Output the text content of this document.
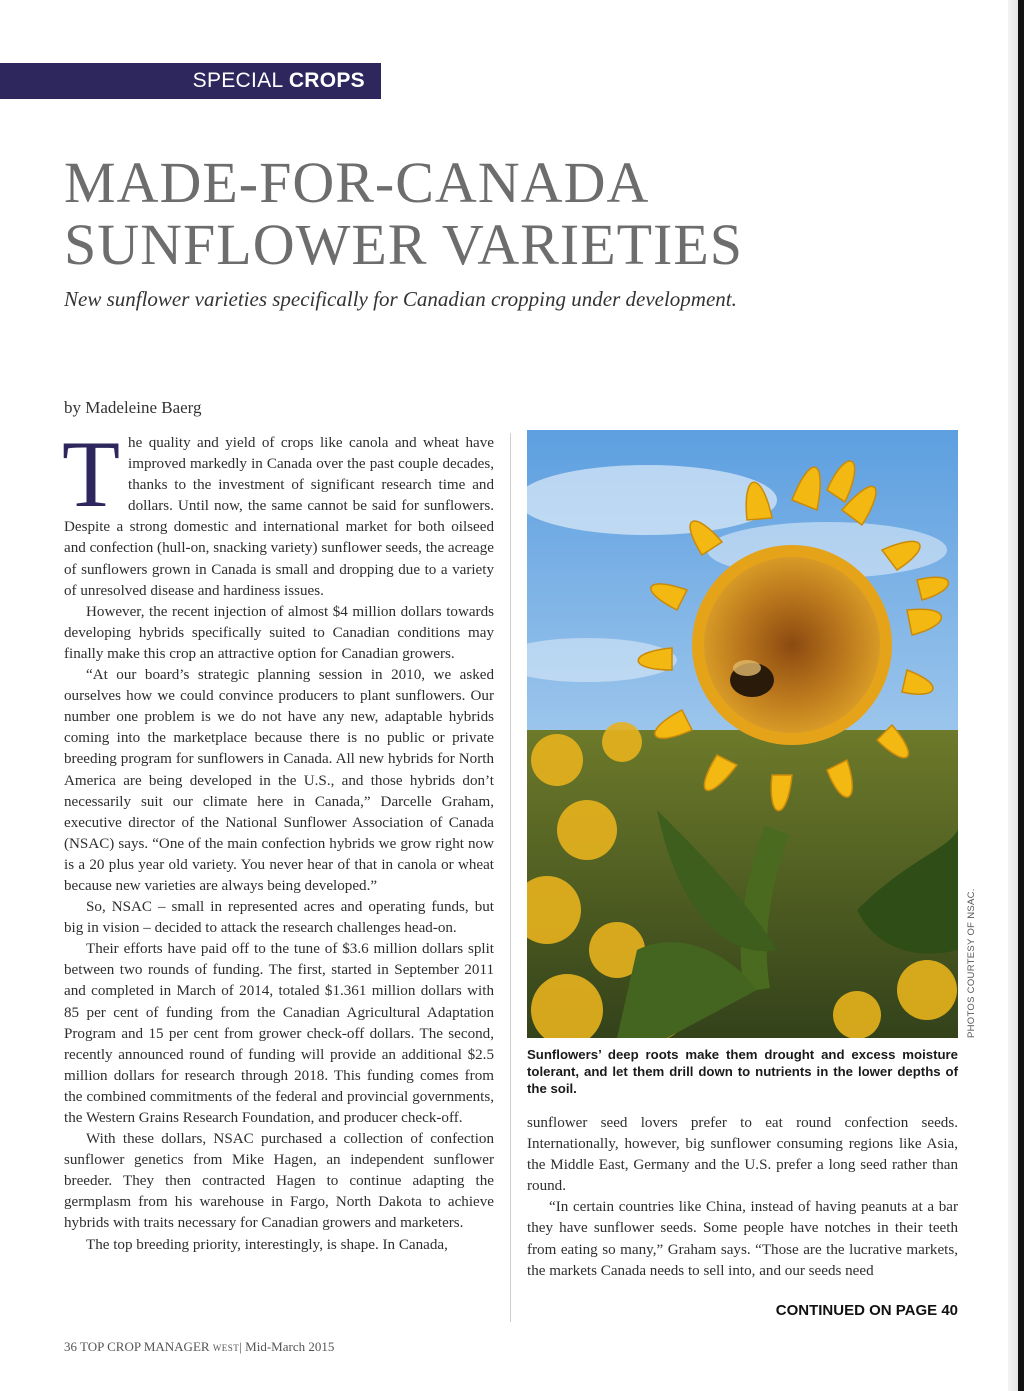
SPECIAL CROPS
MADE-FOR-CANADA
SUNFLOWER VARIETIES
New sunflower varieties specifically for Canadian cropping under development.
by Madeleine Baerg

The quality and yield of crops like canola and wheat have improved markedly in Canada over the past couple decades, thanks to the investment of significant research time and dollars. Until now, the same cannot be said for sunflowers. Despite a strong domestic and international market for both oilseed and confection (hull-on, snacking variety) sunflower seeds, the acreage of sunflowers grown in Canada is small and dropping due to a variety of unresolved disease and hardiness issues.

However, the recent injection of almost $4 million dollars towards developing hybrids specifically suited to Canadian conditions may finally make this crop an attractive option for Canadian growers.

“At our board’s strategic planning session in 2010, we asked ourselves how we could convince producers to plant sunflowers. Our number one problem is we do not have any new, adaptable hybrids coming into the marketplace because there is no public or private breeding program for sunflowers in Canada. All new hybrids for North America are being developed in the U.S., and those hybrids don’t necessarily suit our climate here in Canada,” Darcelle Graham, executive director of the National Sunflower Association of Canada (NSAC) says. “One of the main confection hybrids we grow right now is a 20 plus year old variety. You never hear of that in canola or wheat because new varieties are always being developed.”

So, NSAC – small in represented acres and operating funds, but big in vision – decided to attack the research challenges head-on.

Their efforts have paid off to the tune of $3.6 million dollars split between two rounds of funding. The first, started in September 2011 and completed in March of 2014, totaled $1.361 million dollars with 85 per cent of funding from the Canadian Agricultural Adaptation Program and 15 per cent from grower check-off dollars. The second, recently announced round of funding will provide an additional $2.5 million dollars for research through 2018. This funding comes from the combined commitments of the federal and provincial governments, the Western Grains Research Foundation, and producer check-off.

With these dollars, NSAC purchased a collection of confection sunflower genetics from Mike Hagen, an independent sunflower breeder. They then contracted Hagen to continue adapting the germplasm from his warehouse in Fargo, North Dakota to achieve hybrids with traits necessary for Canadian growers and marketers.

The top breeding priority, interestingly, is shape. In Canada,

PHOTOS COURTESY OF NSAC.
Sunflowers’ deep roots make them drought and excess moisture tolerant, and let them drill down to nutrients in the lower depths of the soil.

sunflower seed lovers prefer to eat round confection seeds. Internationally, however, big sunflower consuming regions like Asia, the Middle East, Germany and the U.S. prefer a long seed rather than round.

“In certain countries like China, instead of having peanuts at a bar they have sunflower seeds. Some people have notches in their teeth from eating so many,” Graham says. “Those are the lucrative markets, the markets Canada needs to sell into, and our seeds need

CONTINUED ON PAGE 40
36 TOP CROP MANAGER WEST| Mid-March 2015
